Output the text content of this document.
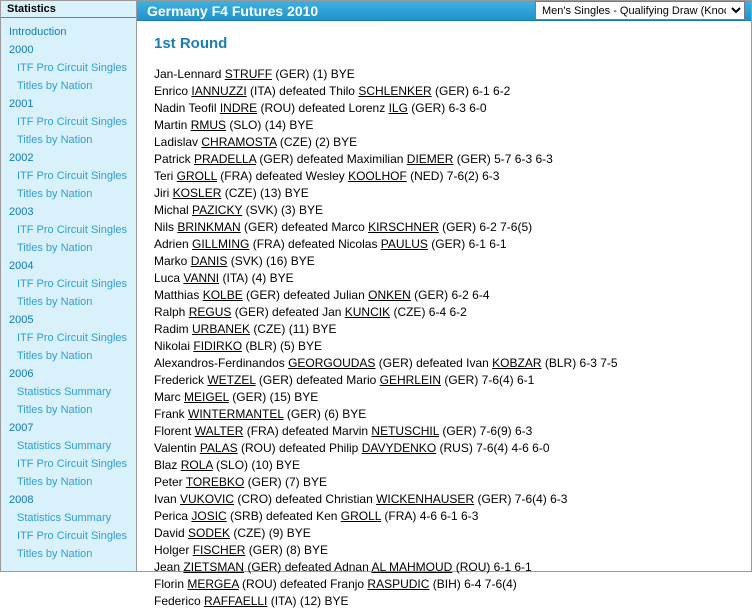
Statistics
Introduction
2000
ITF Pro Circuit Singles
Titles by Nation
2001
ITF Pro Circuit Singles
Titles by Nation
2002
ITF Pro Circuit Singles
Titles by Nation
2003
ITF Pro Circuit Singles
Titles by Nation
2004
ITF Pro Circuit Singles
Titles by Nation
2005
ITF Pro Circuit Singles
Titles by Nation
2006
Statistics Summary
Titles by Nation
2007
Statistics Summary
ITF Pro Circuit Singles
Titles by Nation
2008
Statistics Summary
ITF Pro Circuit Singles
Titles by Nation
Germany F4 Futures 2010
Men's Singles - Qualifying Draw (Knock-out)
1st Round
Jan-Lennard STRUFF (GER) (1) BYE
Enrico IANNUZZI (ITA) defeated Thilo SCHLENKER (GER) 6-1 6-2
Nadin Teofil INDRE (ROU) defeated Lorenz ILG (GER) 6-3 6-0
Martin RMUS (SLO) (14) BYE
Ladislav CHRAMOSTA (CZE) (2) BYE
Patrick PRADELLA (GER) defeated Maximilian DIEMER (GER) 5-7 6-3 6-3
Teri GROLL (FRA) defeated Wesley KOOLHOF (NED) 7-6(2) 6-3
Jiri KOSLER (CZE) (13) BYE
Michal PAZICKY (SVK) (3) BYE
Nils BRINKMAN (GER) defeated Marco KIRSCHNER (GER) 6-2 7-6(5)
Adrien GILLMING (FRA) defeated Nicolas PAULUS (GER) 6-1 6-1
Marko DANIS (SVK) (16) BYE
Luca VANNI (ITA) (4) BYE
Matthias KOLBE (GER) defeated Julian ONKEN (GER) 6-2 6-4
Ralph REGUS (GER) defeated Jan KUNCIK (CZE) 6-4 6-2
Radim URBANEK (CZE) (11) BYE
Nikolai FIDIRKO (BLR) (5) BYE
Alexandros-Ferdinandos GEORGOUDAS (GER) defeated Ivan KOBZAR (BLR) 6-3 7-5
Frederick WETZEL (GER) defeated Mario GEHRLEIN (GER) 7-6(4) 6-1
Marc MEIGEL (GER) (15) BYE
Frank WINTERMANTEL (GER) (6) BYE
Florent WALTER (FRA) defeated Marvin NETUSCHIL (GER) 7-6(9) 6-3
Valentin PALAS (ROU) defeated Philip DAVYDENKO (RUS) 7-6(4) 4-6 6-0
Blaz ROLA (SLO) (10) BYE
Peter TOREBKO (GER) (7) BYE
Ivan VUKOVIC (CRO) defeated Christian WICKENHAUSER (GER) 7-6(4) 6-3
Perica JOSIC (SRB) defeated Ken GROLL (FRA) 4-6 6-1 6-3
David SODEK (CZE) (9) BYE
Holger FISCHER (GER) (8) BYE
Jean ZIETSMAN (GER) defeated Adnan AL MAHMOUD (ROU) 6-1 6-1
Florin MERGEA (ROU) defeated Franjo RASPUDIC (BIH) 6-4 7-6(4)
Federico RAFFAELLI (ITA) (12) BYE
